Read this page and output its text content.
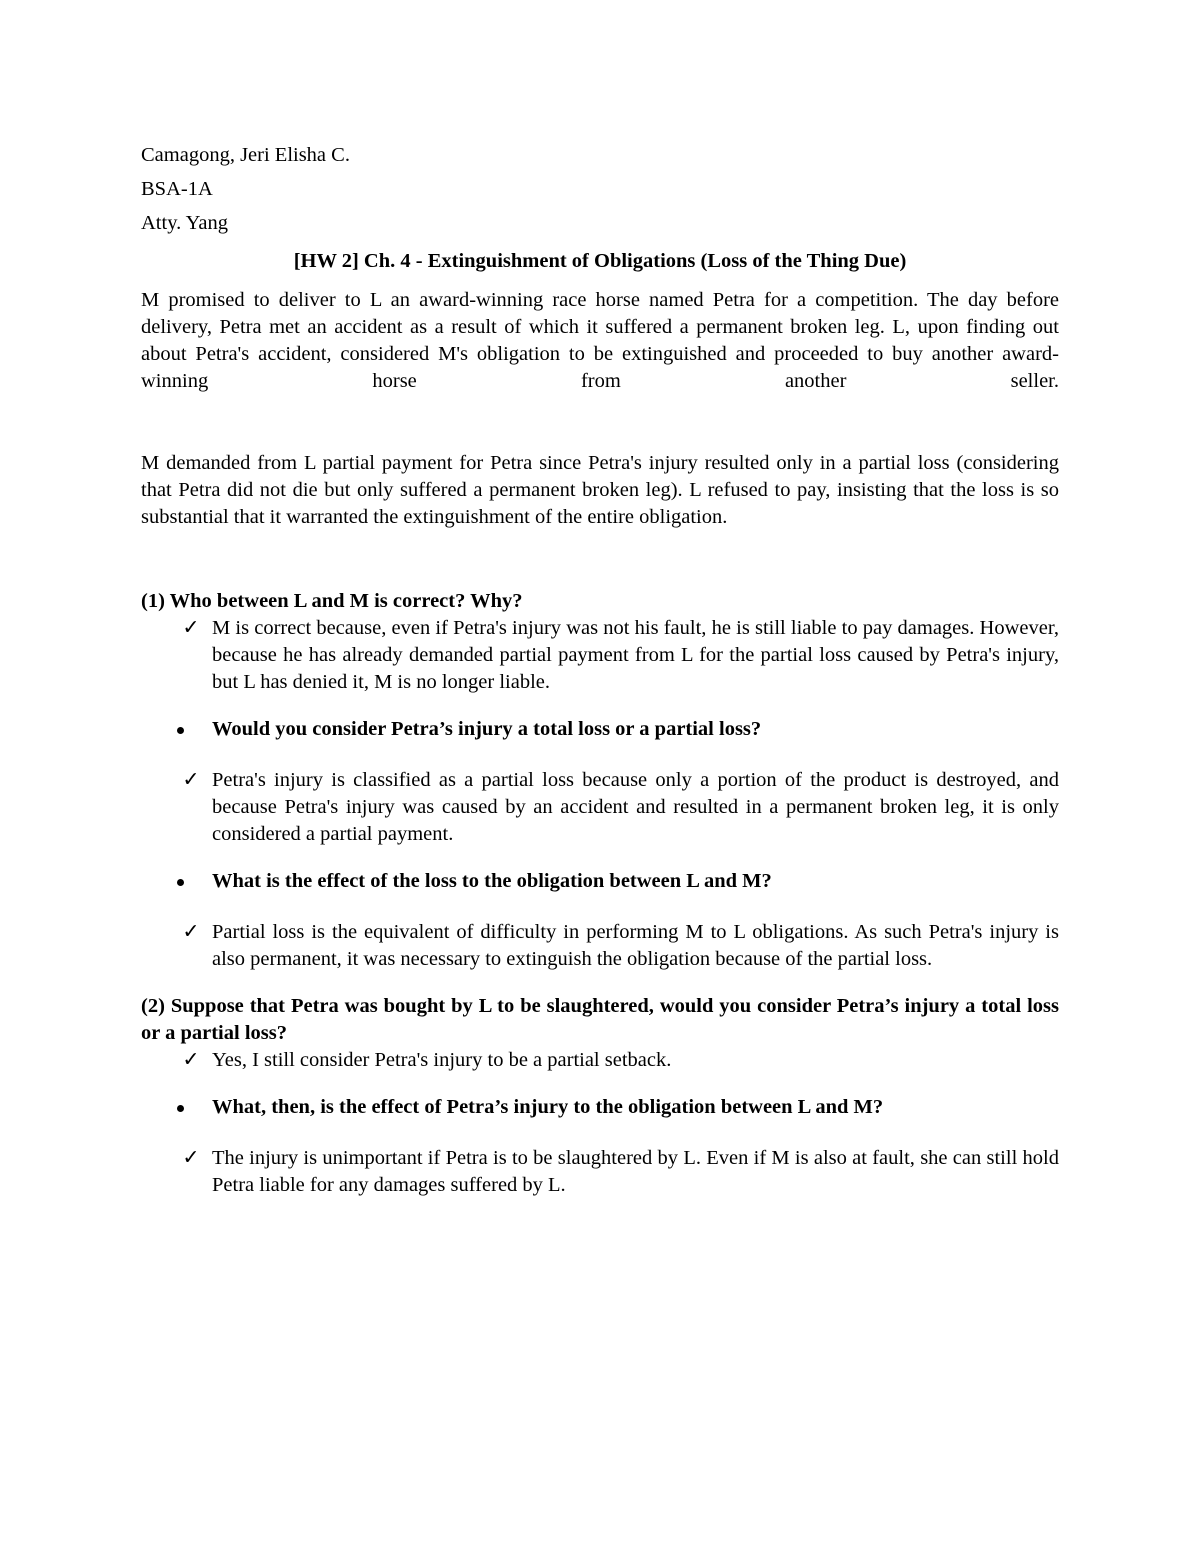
Camagong, Jeri Elisha C.

BSA-1A

Atty. Yang

[HW 2] Ch. 4 - Extinguishment of Obligations (Loss of the Thing Due)

M promised to deliver to L an award-winning race horse named Petra for a competition. The day before delivery, Petra met an accident as a result of which it suffered a permanent broken leg. L, upon finding out about Petra's accident, considered M's obligation to be extinguished and proceeded to buy another award-winning horse from another seller.

M demanded from L partial payment for Petra since Petra's injury resulted only in a partial loss (considering that Petra did not die but only suffered a permanent broken leg). L refused to pay, insisting that the loss is so substantial that it warranted the extinguishment of the entire obligation.

(1) Who between L and M is correct? Why?

✓ M is correct because, even if Petra's injury was not his fault, he is still liable to pay damages. However, because he has already demanded partial payment from L for the partial loss caused by Petra's injury, but L has denied it, M is no longer liable.
Would you consider Petra’s injury a total loss or a partial loss?
✓ Petra's injury is classified as a partial loss because only a portion of the product is destroyed, and because Petra's injury was caused by an accident and resulted in a permanent broken leg, it is only considered a partial payment.
What is the effect of the loss to the obligation between L and M?
✓ Partial loss is the equivalent of difficulty in performing M to L obligations. As such Petra's injury is also permanent, it was necessary to extinguish the obligation because of the partial loss.

(2) Suppose that Petra was bought by L to be slaughtered, would you consider Petra’s injury a total loss or a partial loss?

✓ Yes, I still consider Petra's injury to be a partial setback.
What, then, is the effect of Petra’s injury to the obligation between L and M?
✓ The injury is unimportant if Petra is to be slaughtered by L. Even if M is also at fault, she can still hold Petra liable for any damages suffered by L.
